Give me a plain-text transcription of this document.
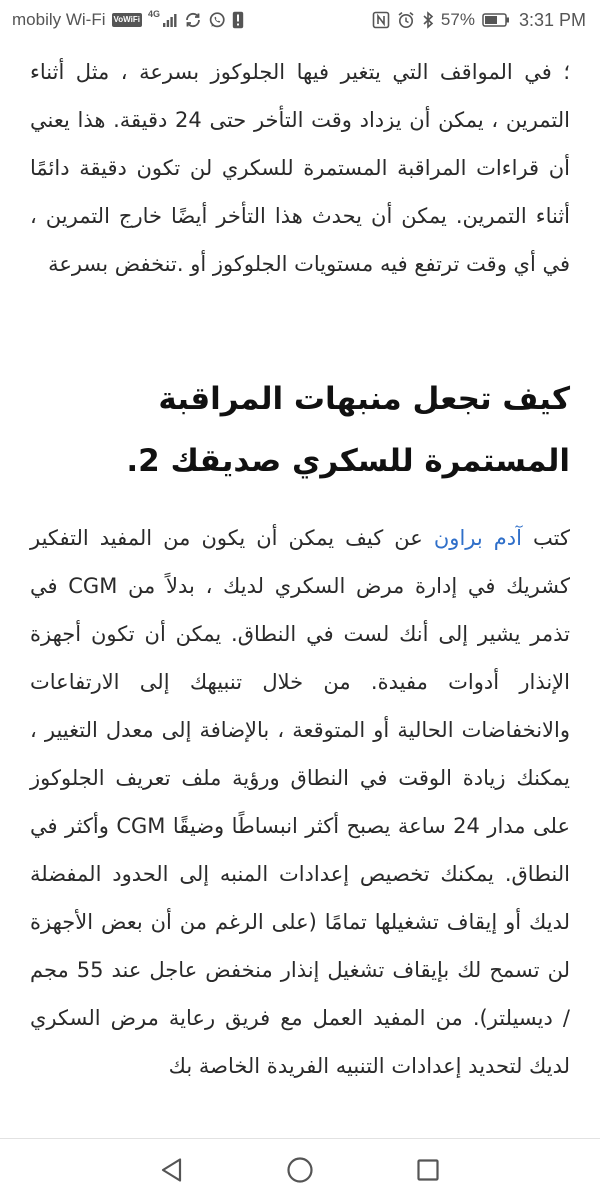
mobily Wi-Fi VoWiFi
4G	57% 3:31 PM

؛ في المواقف التي يتغير فيها الجلوكوز بسرعة ، مثل أثناء التمرين ، يمكن أن يزداد وقت التأخر حتى 24 دقيقة. هذا يعني أن قراءات المراقبة المستمرة للسكري لن تكون دقيقة دائمًا أثناء التمرين. يمكن أن يحدث هذا التأخر أيضًا خارج التمرين ، في أي وقت ترتفع فيه مستويات الجلوكوز أو .تنخفض بسرعة

كيف تجعل منبهات المراقبة المستمرة للسكري صديقك 2.

كتب آدم براون عن كيف يمكن أن يكون من المفيد التفكير كشريك في إدارة مرض السكري لديك ، بدلاً من CGM في تذمر يشير إلى أنك لست في النطاق. يمكن أن تكون أجهزة الإنذار أدوات مفيدة. من خلال تنبيهك إلى الارتفاعات والانخفاضات الحالية أو المتوقعة ، بالإضافة إلى معدل التغيير ، يمكنك زيادة الوقت في النطاق ورؤية ملف تعريف الجلوكوز على مدار 24 ساعة يصبح أكثر انبساطًا وضيقًا CGM وأكثر في النطاق. يمكنك تخصيص إعدادات المنبه إلى الحدود المفضلة لديك أو إيقاف تشغيلها تمامًا (على الرغم من أن بعض الأجهزة لن تسمح لك بإيقاف تشغيل إنذار منخفض عاجل عند 55 مجم / ديسيلتر). من المفيد العمل مع فريق رعاية مرض السكري لديك لتحديد إعدادات التنبيه الفريدة الخاصة بك
